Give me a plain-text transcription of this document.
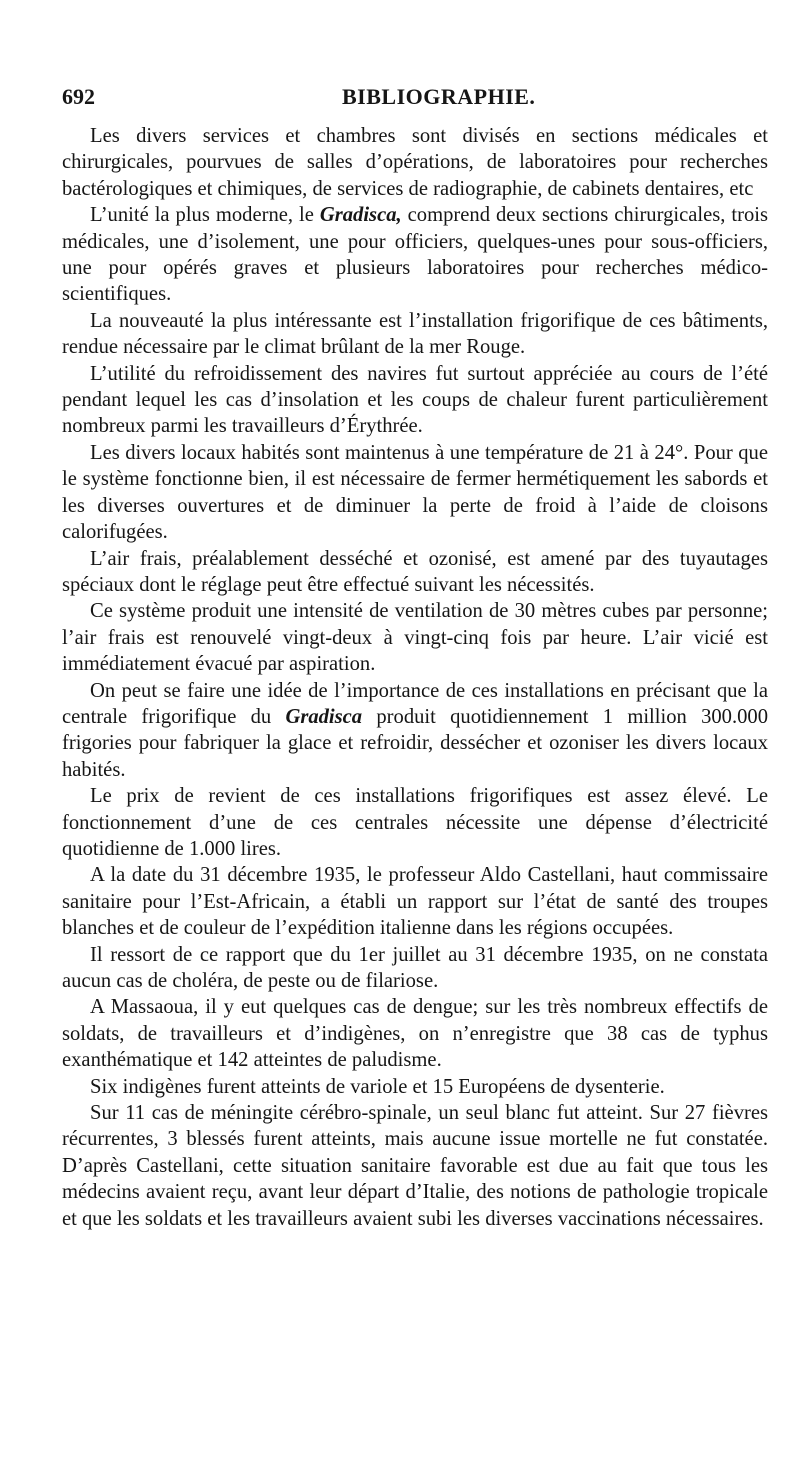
692	BIBLIOGRAPHIE.

Les divers services et chambres sont divisés en sections médicales et chirurgicales, pourvues de salles d’opérations, de laboratoires pour recherches bactérologiques et chimiques, de services de radiographie, de cabinets dentaires, etc

L’unité la plus moderne, le Gradisca, comprend deux sections chirurgicales, trois médicales, une d’isolement, une pour officiers, quelques-unes pour sous-officiers, une pour opérés graves et plusieurs laboratoires pour recherches médico-scientifiques.

La nouveauté la plus intéressante est l’installation frigorifique de ces bâtiments, rendue nécessaire par le climat brûlant de la mer Rouge.

L’utilité du refroidissement des navires fut surtout appréciée au cours de l’été pendant lequel les cas d’insolation et les coups de chaleur furent particulièrement nombreux parmi les travailleurs d’Érythrée.

Les divers locaux habités sont maintenus à une température de 21 à 24°. Pour que le système fonctionne bien, il est nécessaire de fermer hermétiquement les sabords et les diverses ouvertures et de diminuer la perte de froid à l’aide de cloisons calorifugées.

L’air frais, préalablement desséché et ozonisé, est amené par des tuyautages spéciaux dont le réglage peut être effectué suivant les nécessités.

Ce système produit une intensité de ventilation de 30 mètres cubes par personne; l’air frais est renouvelé vingt-deux à vingt-cinq fois par heure. L’air vicié est immédiatement évacué par aspiration.

On peut se faire une idée de l’importance de ces installations en précisant que la centrale frigorifique du Gradisca produit quotidiennement 1 million 300.000 frigories pour fabriquer la glace et refroidir, dessécher et ozoniser les divers locaux habités.

Le prix de revient de ces installations frigorifiques est assez élevé. Le fonctionnement d’une de ces centrales nécessite une dépense d’électricité quotidienne de 1.000 lires.

A la date du 31 décembre 1935, le professeur Aldo Castellani, haut commissaire sanitaire pour l’Est-Africain, a établi un rapport sur l’état de santé des troupes blanches et de couleur de l’expédition italienne dans les régions occupées.

Il ressort de ce rapport que du 1er juillet au 31 décembre 1935, on ne constata aucun cas de choléra, de peste ou de filariose.

A Massaoua, il y eut quelques cas de dengue; sur les très nombreux effectifs de soldats, de travailleurs et d’indigènes, on n’enregistre que 38 cas de typhus exanthématique et 142 atteintes de paludisme.

Six indigènes furent atteints de variole et 15 Européens de dysenterie.

Sur 11 cas de méningite cérébro-spinale, un seul blanc fut atteint. Sur 27 fièvres récurrentes, 3 blessés furent atteints, mais aucune issue mortelle ne fut constatée. D’après Castellani, cette situation sanitaire favorable est due au fait que tous les médecins avaient reçu, avant leur départ d’Italie, des notions de pathologie tropicale et que les soldats et les travailleurs avaient subi les diverses vaccinations nécessaires.
